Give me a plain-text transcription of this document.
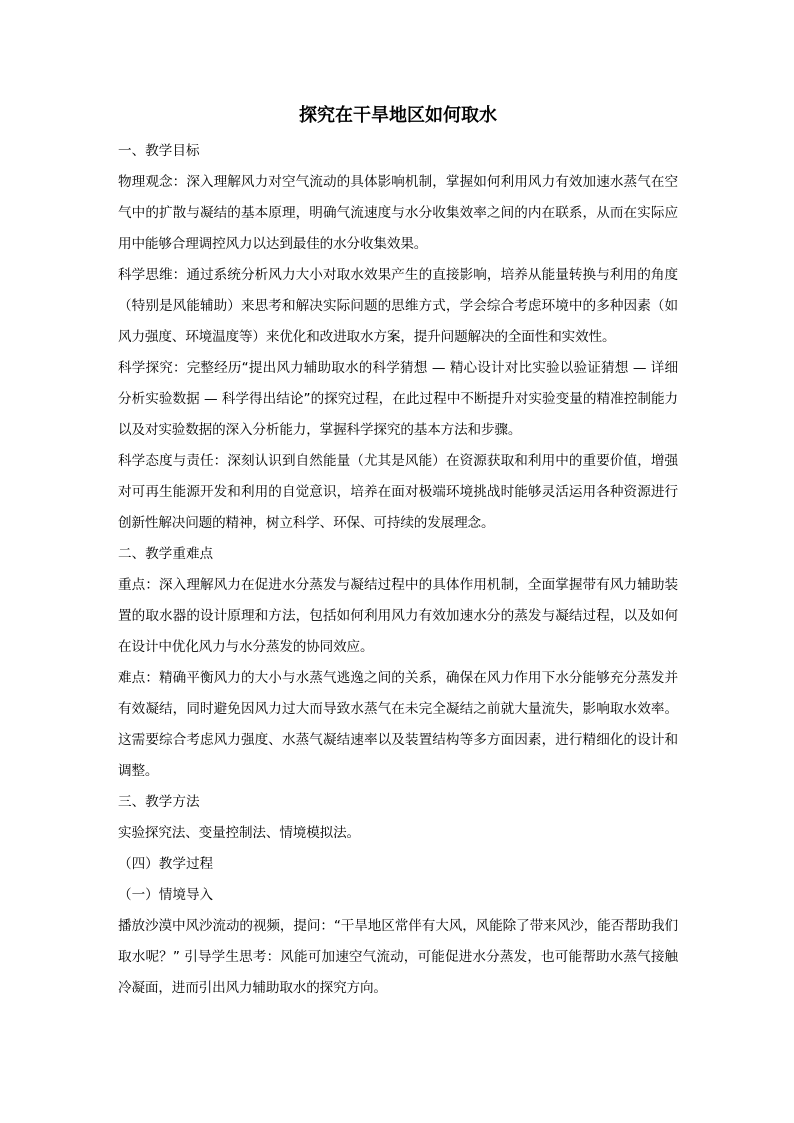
探究在干旱地区如何取水

一、教学目标

物理观念：深入理解风力对空气流动的具体影响机制，掌握如何利用风力有效加速水蒸气在空气中的扩散与凝结的基本原理，明确气流速度与水分收集效率之间的内在联系，从而在实际应用中能够合理调控风力以达到最佳的水分收集效果。

科学思维：通过系统分析风力大小对取水效果产生的直接影响，培养从能量转换与利用的角度（特别是风能辅助）来思考和解决实际问题的思维方式，学会综合考虑环境中的多种因素（如风力强度、环境温度等）来优化和改进取水方案，提升问题解决的全面性和实效性。

科学探究：完整经历“提出风力辅助取水的科学猜想 — 精心设计对比实验以验证猜想 — 详细分析实验数据 — 科学得出结论”的探究过程，在此过程中不断提升对实验变量的精准控制能力以及对实验数据的深入分析能力，掌握科学探究的基本方法和步骤。

科学态度与责任：深刻认识到自然能量（尤其是风能）在资源获取和利用中的重要价值，增强对可再生能源开发和利用的自觉意识，培养在面对极端环境挑战时能够灵活运用各种资源进行创新性解决问题的精神，树立科学、环保、可持续的发展理念。

二、教学重难点

重点：深入理解风力在促进水分蒸发与凝结过程中的具体作用机制，全面掌握带有风力辅助装置的取水器的设计原理和方法，包括如何利用风力有效加速水分的蒸发与凝结过程，以及如何在设计中优化风力与水分蒸发的协同效应。

难点：精确平衡风力的大小与水蒸气逃逸之间的关系，确保在风力作用下水分能够充分蒸发并有效凝结，同时避免因风力过大而导致水蒸气在未完全凝结之前就大量流失，影响取水效率。这需要综合考虑风力强度、水蒸气凝结速率以及装置结构等多方面因素，进行精细化的设计和调整。

三、教学方法

实验探究法、变量控制法、情境模拟法。

（四）教学过程

（一）情境导入

播放沙漠中风沙流动的视频，提问：“干旱地区常伴有大风，风能除了带来风沙，能否帮助我们取水呢？” 引导学生思考：风能可加速空气流动，可能促进水分蒸发，也可能帮助水蒸气接触冷凝面，进而引出风力辅助取水的探究方向。
